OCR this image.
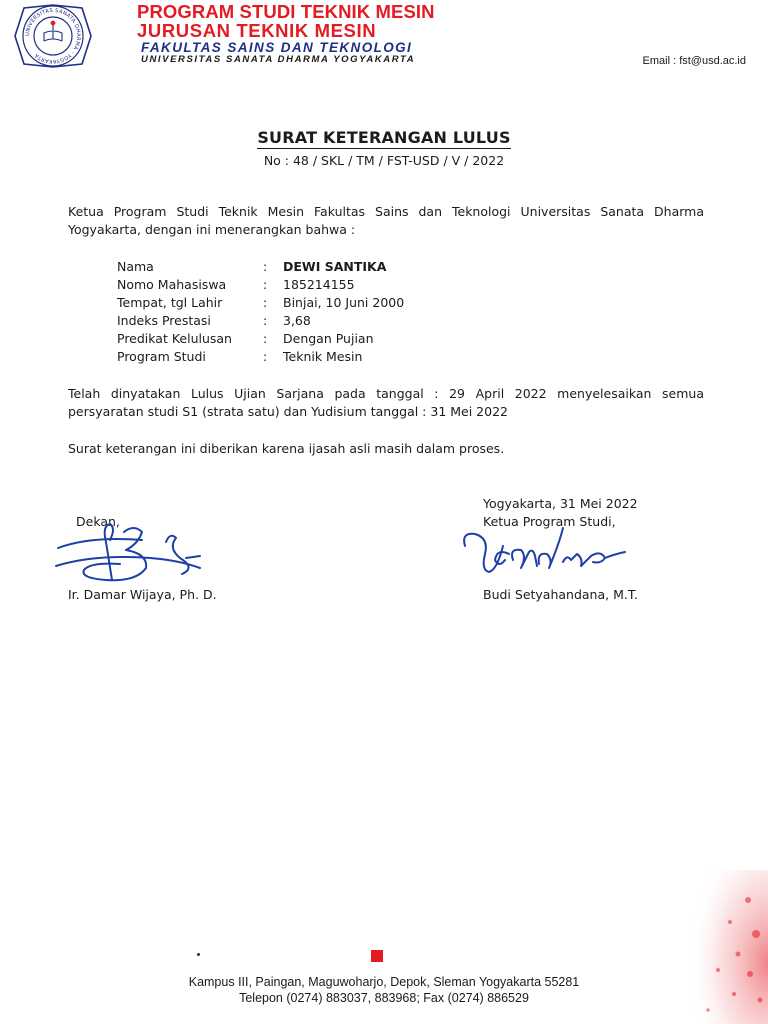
UNIVERSITAS SANATA DHARMA · YOGYAKARTA
PROGRAM STUDI TEKNIK MESIN
JURUSAN TEKNIK MESIN
FAKULTAS SAINS DAN TEKNOLOGI
UNIVERSITAS SANATA DHARMA YOGYAKARTA	Email : fst@usd.ac.id
SURAT KETERANGAN LULUS
No : 48 / SKL / TM / FST-USD / V / 2022
Ketua Program Studi Teknik Mesin Fakultas Sains dan Teknologi Universitas Sanata Dharma Yogyakarta, dengan ini menerangkan bahwa :
Nama	: DEWI SANTIKA
Nomo Mahasiswa	: 185214155
Tempat, tgl Lahir	: Binjai, 10 Juni 2000
Indeks Prestasi	: 3,68
Predikat Kelulusan : Dengan Pujian
Program Studi	: Teknik Mesin
Telah dinyatakan Lulus Ujian Sarjana pada tanggal : 29 April 2022 menyelesaikan semua persyaratan studi S1 (strata satu) dan Yudisium tanggal : 31 Mei 2022
Surat keterangan ini diberikan karena ijasah asli masih dalam proses.
Yogyakarta, 31 Mei 2022
Dekan,	Ketua Program Studi,
Ir. Damar Wijaya, Ph. D.	Budi Setyahandana, M.T.
Kampus III, Paingan, Maguwoharjo, Depok, Sleman Yogyakarta 55281
Telepon (0274) 883037, 883968; Fax (0274) 886529
